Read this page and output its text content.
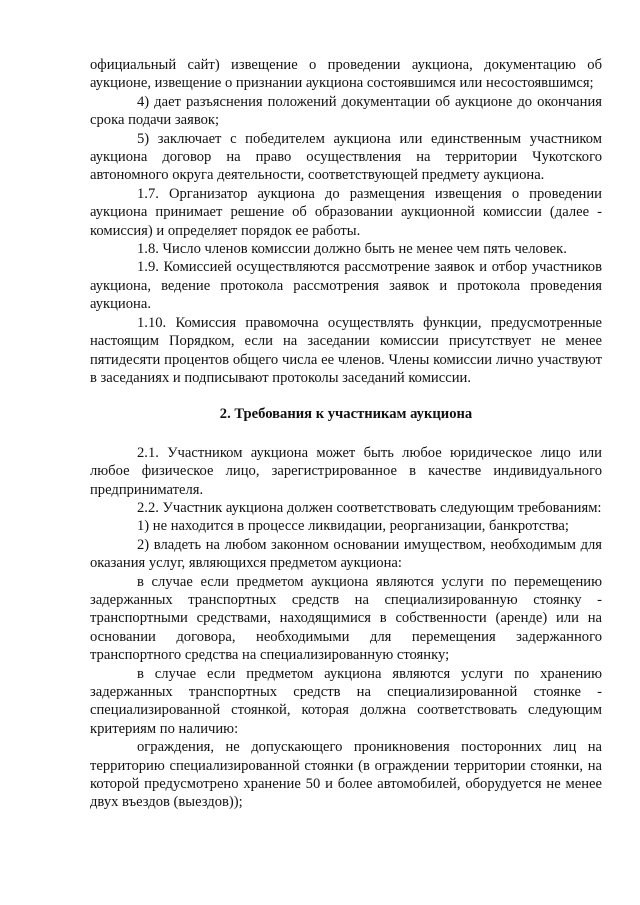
официальный сайт) извещение о проведении аукциона, документацию об аукционе, извещение о признании аукциона состоявшимся или несостоявшимся;

4) дает разъяснения положений документации об аукционе до окончания срока подачи заявок;

5) заключает с победителем аукциона или единственным участником аукциона договор на право осуществления на территории Чукотского автономного округа деятельности, соответствующей предмету аукциона.

1.7. Организатор аукциона до размещения извещения о проведении аукциона принимает решение об образовании аукционной комиссии (далее - комиссия) и определяет порядок ее работы.

1.8. Число членов комиссии должно быть не менее чем пять человек.

1.9. Комиссией осуществляются рассмотрение заявок и отбор участников аукциона, ведение протокола рассмотрения заявок и протокола проведения аукциона.

1.10. Комиссия правомочна осуществлять функции, предусмотренные настоящим Порядком, если на заседании комиссии присутствует не менее пятидесяти процентов общего числа ее членов. Члены комиссии лично участвуют в заседаниях и подписывают протоколы заседаний комиссии.

2. Требования к участникам аукциона

2.1. Участником аукциона может быть любое юридическое лицо или любое физическое лицо, зарегистрированное в качестве индивидуального предпринимателя.

2.2. Участник аукциона должен соответствовать следующим требованиям:

1) не находится в процессе ликвидации, реорганизации, банкротства;

2) владеть на любом законном основании имуществом, необходимым для оказания услуг, являющихся предметом аукциона:

в случае если предметом аукциона являются услуги по перемещению задержанных транспортных средств на специализированную стоянку - транспортными средствами, находящимися в собственности (аренде) или на основании договора, необходимыми для перемещения задержанного транспортного средства на специализированную стоянку;

в случае если предметом аукциона являются услуги по хранению задержанных транспортных средств на специализированной стоянке - специализированной стоянкой, которая должна соответствовать следующим критериям по наличию:

ограждения, не допускающего проникновения посторонних лиц на территорию специализированной стоянки (в ограждении территории стоянки, на которой предусмотрено хранение 50 и более автомобилей, оборудуется не менее двух въездов (выездов));
